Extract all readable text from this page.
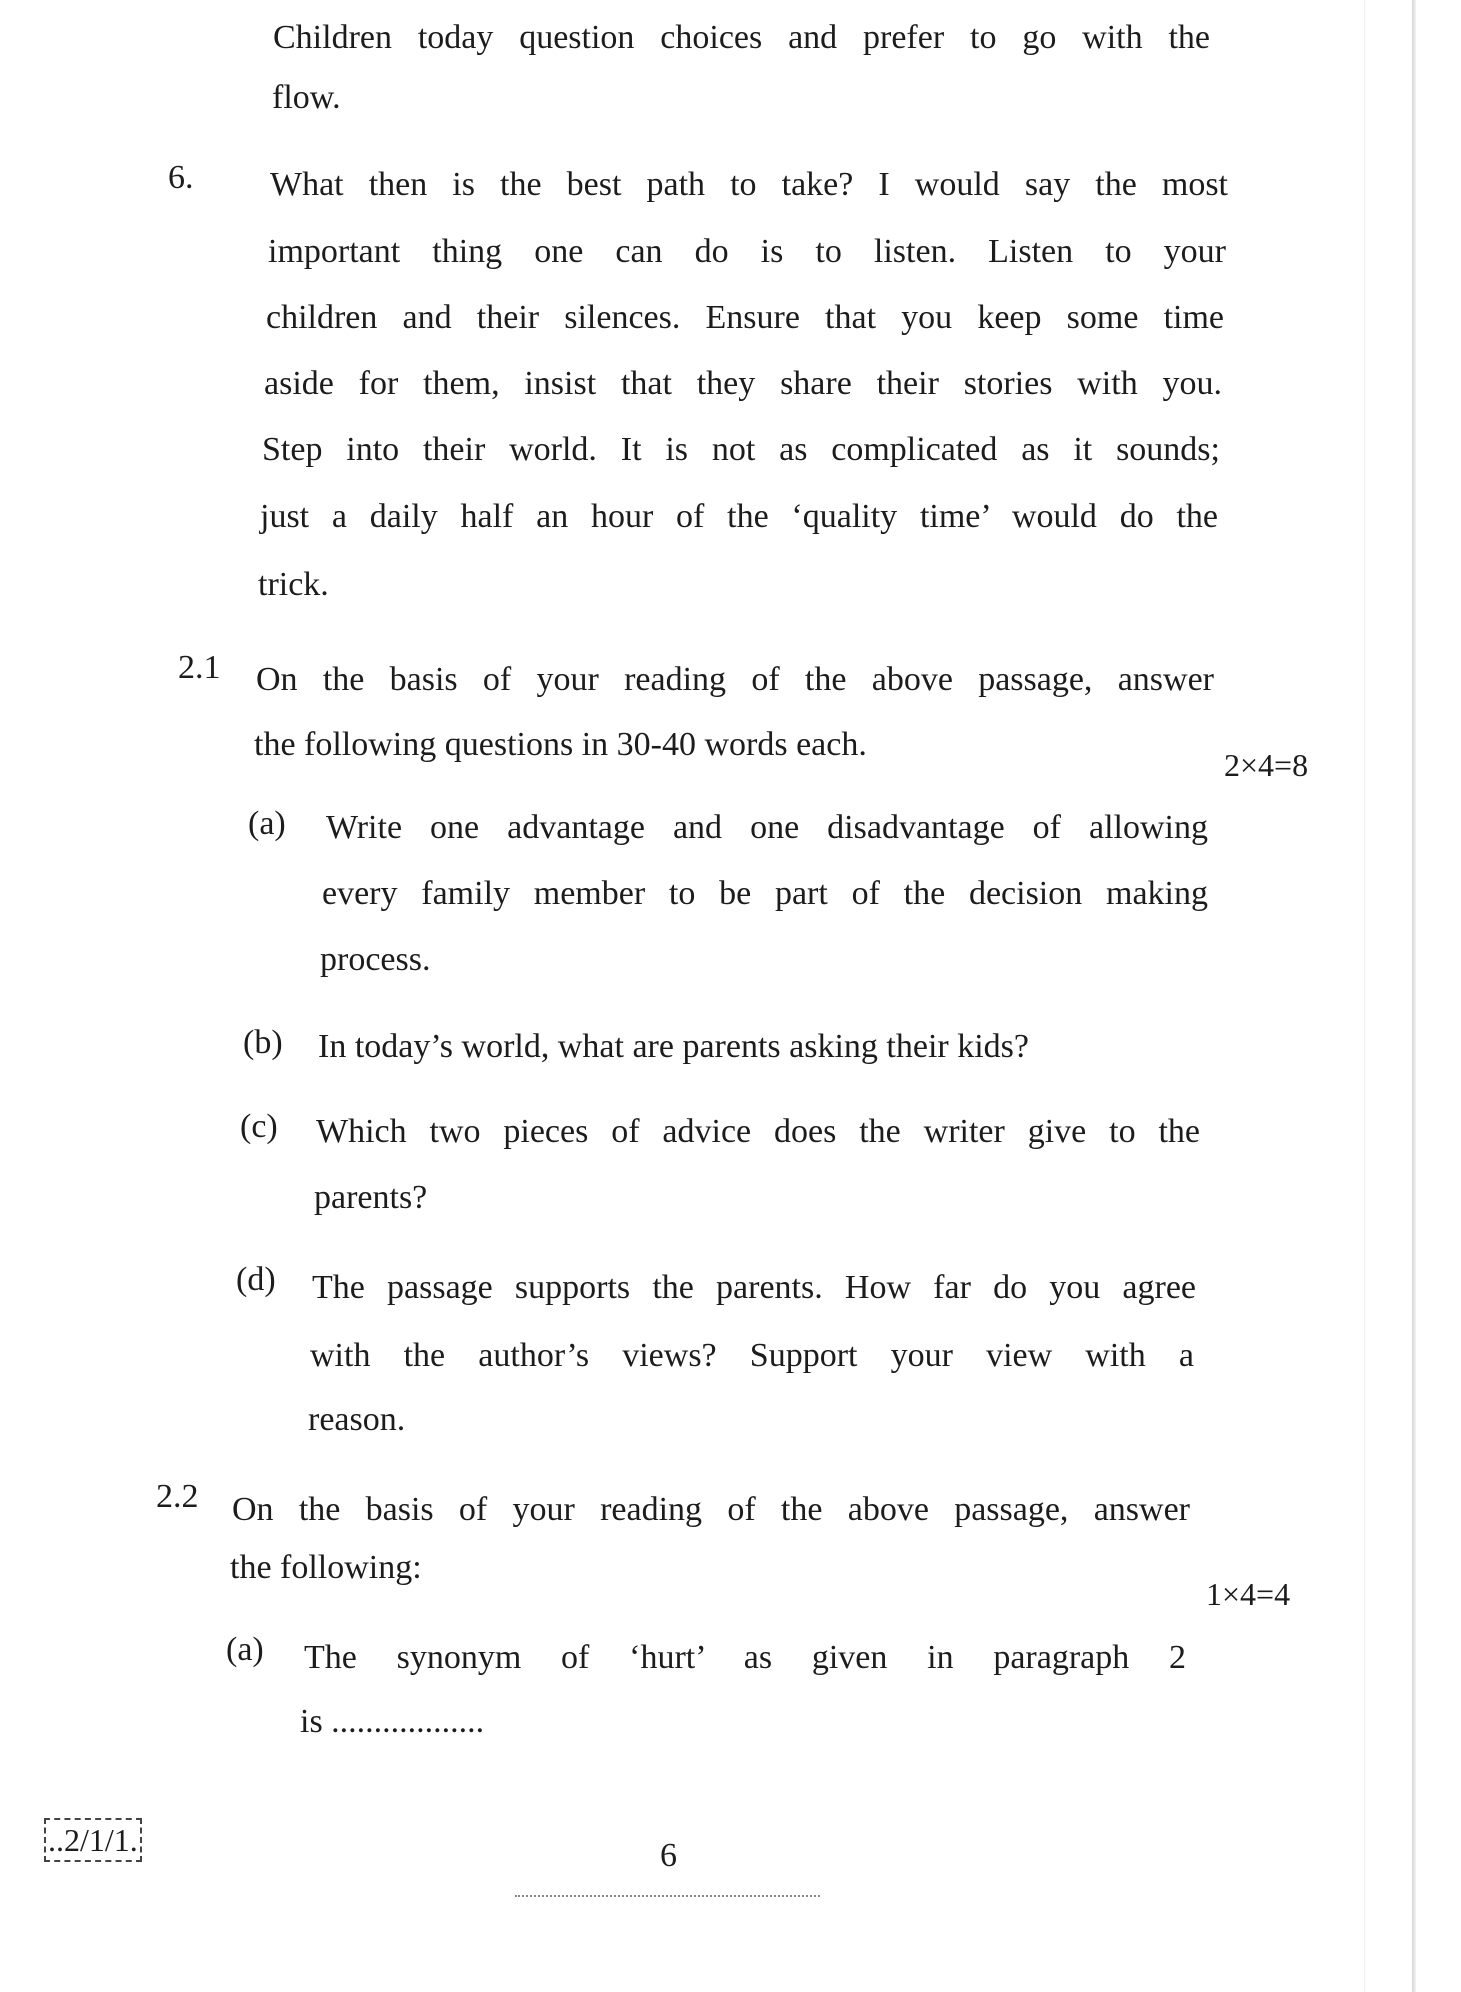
Children today question choices and prefer to go with the
flow.
6. What then is the best path to take? I would say the most
important thing one can do is to listen. Listen to your
children and their silences. Ensure that you keep some time
aside for them, insist that they share their stories with you.
Step into their world. It is not as complicated as it sounds;
just a daily half an hour of the ‘quality time’ would do the
trick.
2.1 On the basis of your reading of the above passage, answer
the following questions in 30-40 words each.
2×4=8
(a) Write one advantage and one disadvantage of allowing
every family member to be part of the decision making
process.
(b) In today’s world, what are parents asking their kids?
(c) Which two pieces of advice does the writer give to the
parents?
(d) The passage supports the parents. How far do you agree
with the author’s views? Support your view with a
reason.
2.2 On the basis of your reading of the above passage, answer
the following:
1×4=4
(a) The synonym of ‘hurt’ as given in paragraph 2
is ..................
..2/1/1.	6
